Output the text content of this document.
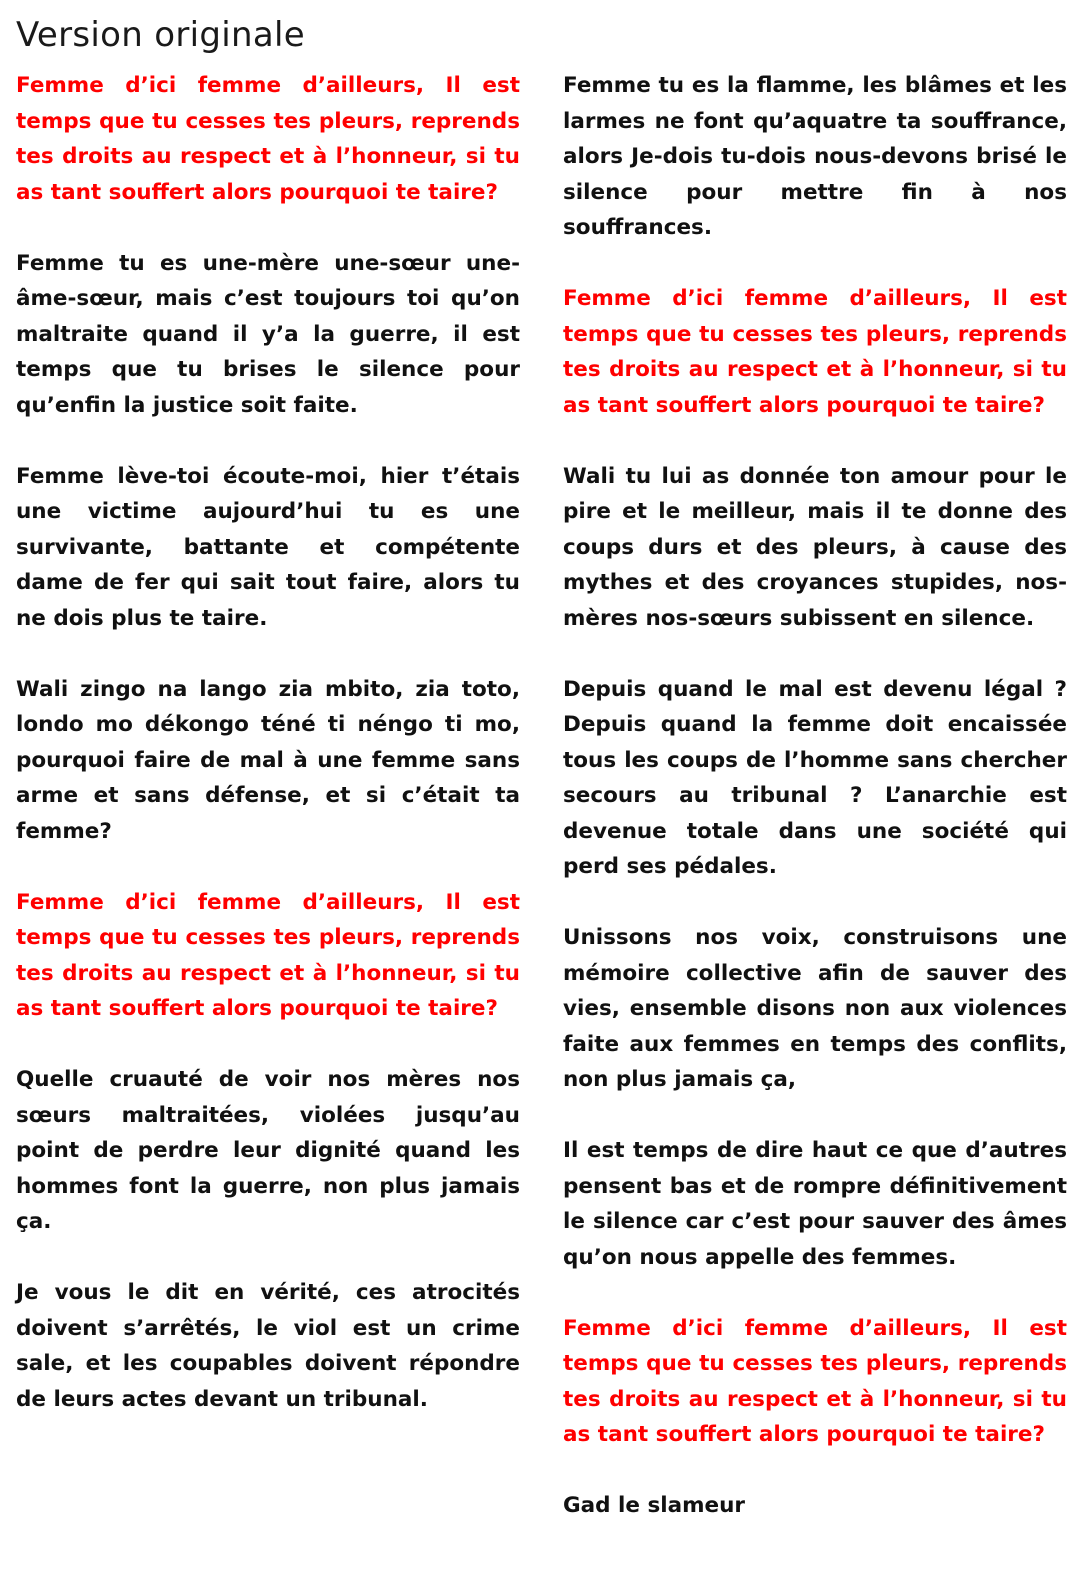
Version originale

Femme d’ici femme d’ailleurs, Il est temps que tu cesses tes pleurs, reprends tes droits au respect et à l’honneur, si tu as tant souffert alors pourquoi te taire?

Femme tu es une-mère une-sœur une-âme-sœur, mais c’est toujours toi qu’on maltraite quand il y’a la guerre, il est temps que tu brises le silence pour qu’enfin la justice soit faite.

Femme lève-toi écoute-moi, hier t’étais une victime aujourd’hui tu es une survivante, battante et compétente dame de fer qui sait tout faire, alors tu ne dois plus te taire.

Wali zingo na lango zia mbito, zia toto, londo mo dékongo téné ti néngo ti mo, pourquoi faire de mal à une femme sans arme et sans défense, et si c’était ta femme?

Femme d’ici femme d’ailleurs, Il est temps que tu cesses tes pleurs, reprends tes droits au respect et à l’honneur, si tu as tant souffert alors pourquoi te taire?

Quelle cruauté de voir nos mères nos sœurs maltraitées, violées jusqu’au point de perdre leur dignité quand les hommes font la guerre, non plus jamais ça.

Je vous le dit en vérité, ces atrocités doivent s’arrêtés, le viol est un crime sale, et les coupables doivent répondre de leurs actes devant un tribunal.

Femme tu es la flamme, les blâmes et les larmes ne font qu’aquatre ta souffrance, alors Je-dois tu-dois nous-devons brisé le silence pour mettre fin à nos souffrances.

Femme d’ici femme d’ailleurs, Il est temps que tu cesses tes pleurs, reprends tes droits au respect et à l’honneur, si tu as tant souffert alors pourquoi te taire?

Wali tu lui as donnée ton amour pour le pire et le meilleur, mais il te donne des coups durs et des pleurs, à cause des mythes et des croyances stupides, nos-mères nos-sœurs subissent en silence.

Depuis quand le mal est devenu légal ? Depuis quand la femme doit encaissée tous les coups de l’homme sans chercher secours au tribunal ? L’anarchie est devenue totale dans une société qui perd ses pédales.

Unissons nos voix, construisons une mémoire collective afin de sauver des vies, ensemble disons non aux violences faite aux femmes en temps des conflits, non plus jamais ça,

Il est temps de dire haut ce que d’autres pensent bas et de rompre définitivement le silence car c’est pour sauver des âmes qu’on nous appelle des femmes.

Femme d’ici femme d’ailleurs, Il est temps que tu cesses tes pleurs, reprends tes droits au respect et à l’honneur, si tu as tant souffert alors pourquoi te taire?

Gad le slameur
